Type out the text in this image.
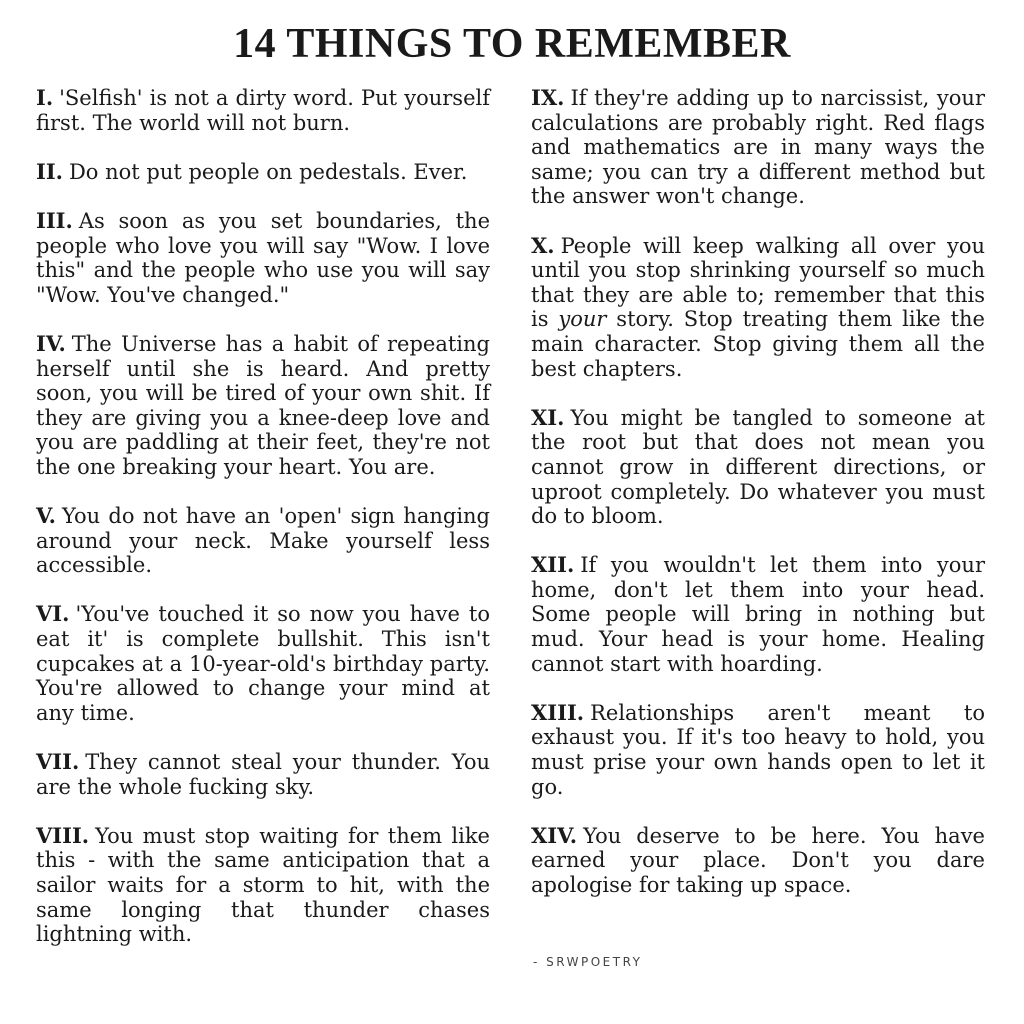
14 THINGS TO REMEMBER

I. 'Selfish' is not a dirty word. Put yourself first. The world will not burn.

II. Do not put people on pedestals. Ever.

III. As soon as you set boundaries, the people who love you will say "Wow. I love this" and the people who use you will say "Wow. You've changed."

IV. The Universe has a habit of repeating herself until she is heard. And pretty soon, you will be tired of your own shit. If they are giving you a knee-deep love and you are paddling at their feet, they're not the one breaking your heart. You are.

V. You do not have an 'open' sign hanging around your neck. Make yourself less accessible.

VI. 'You've touched it so now you have to eat it' is complete bullshit. This isn't cupcakes at a 10-year-old's birthday party. You're allowed to change your mind at any time.

VII. They cannot steal your thunder. You are the whole fucking sky.

VIII. You must stop waiting for them like this - with the same anticipation that a sailor waits for a storm to hit, with the same longing that thunder chases lightning with.

IX. If they're adding up to narcissist, your calculations are probably right. Red flags and mathematics are in many ways the same; you can try a different method but the answer won't change.

X. People will keep walking all over you until you stop shrinking yourself so much that they are able to; remember that this is your story. Stop treating them like the main character. Stop giving them all the best chapters.

XI. You might be tangled to someone at the root but that does not mean you cannot grow in different directions, or uproot completely. Do whatever you must do to bloom.

XII. If you wouldn't let them into your home, don't let them into your head. Some people will bring in nothing but mud. Your head is your home. Healing cannot start with hoarding.

XIII. Relationships aren't meant to exhaust you. If it's too heavy to hold, you must prise your own hands open to let it go.

XIV. You deserve to be here. You have earned your place. Don't you dare apologise for taking up space.

- SRWPOETRY
